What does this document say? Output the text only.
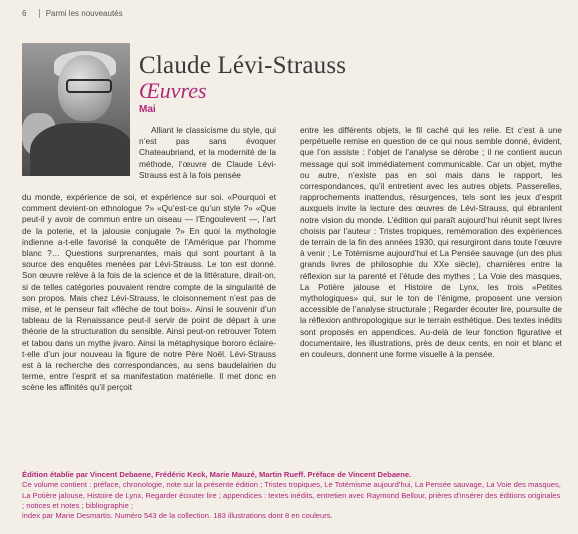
6 Parmi les nouveautés
Claude Lévi-Strauss
Œuvres
Mai

Alliant le classicisme du style, qui n’est pas sans évoquer Chateaubriand, et la modernité de la méthode, l’œuvre de Claude Lévi-Strauss est à la fois pensée

du monde, expérience de soi, et expérience sur soi. «Pourquoi et comment devient-on ethnologue ?» «Qu’est-ce qu’un style ?» «Que peut-il y avoir de commun entre un oiseau — l’Engoulevent —, l’art de la poterie, et la jalousie conjugale ?» En quoi la mythologie indienne a-t-elle favorisé la conquête de l’Amérique par l’homme blanc ?… Questions surprenantes, mais qui sont pourtant à la source des enquêtes menées par Lévi-Strauss. Le ton est donné. Son œuvre relève à la fois de la science et de la littérature, dirait-on, si de telles catégories pouvaient rendre compte de la singularité de son propos. Mais chez Lévi-Strauss, le cloisonnement n’est pas de mise, et le penseur fait «flèche de tout bois». Ainsi le souvenir d’un tableau de la Renaissance peut-il servir de point de départ à une théorie de la structuration du sensible. Ainsi peut-on retrouver Totem et tabou dans un mythe jivaro. Ainsi la métaphysique bororo éclaire-t-elle d’un jour nouveau la figure de notre Père Noël. Lévi-Strauss est à la recherche des correspondances, au sens baudelairien du terme, entre l’esprit et sa manifestation matérielle. Il met donc en scène les affinités qu’il perçoit

entre les différents objets, le fil caché qui les relie. Et c’est à une perpétuelle remise en question de ce qui nous semble donné, évident, que l’on assiste : l’objet de l’analyse se dérobe ; il ne contient aucun message qui soit immédiatement communicable. Car un objet, mythe ou autre, n’existe pas en soi mais dans le rapport, les correspondances, qu’il entretient avec les autres objets. Passerelles, rapprochements inattendus, résurgences, tels sont les jeux d’esprit auxquels invite la lecture des œuvres de Lévi-Strauss, qui ébranlent notre vision du monde. L’édition qui paraît aujourd’hui réunit sept livres choisis par l’auteur : Tristes tropiques, remémoration des expériences de terrain de la fin des années 1930, qui resurgiront dans toute l’œuvre à venir ; Le Totémisme aujourd’hui et La Pensée sauvage (un des plus grands livres de philosophie du XXe siècle), charnières entre la réflexion sur la parenté et l’étude des mythes ; La Voie des masques, La Potière jalouse et Histoire de Lynx, les trois «Petites mythologiques» qui, sur le ton de l’énigme, proposent une version accessible de l’analyse structurale ; Regarder écouter lire, poursuite de la réflexion anthropologique sur le terrain esthétique. Des textes inédits sont proposés en appendices. Au-delà de leur fonction figurative et documentaire, les illustrations, près de deux cents, en noir et blanc et en couleurs, donnent une forme visuelle à la pensée.

Édition établie par Vincent Debaene, Frédéric Keck, Marie Mauzé, Martin Rueff. Préface de Vincent Debaene.

Ce volume contient : préface, chronologie, note sur la présente édition ; Tristes tropiques, Le Totémisme aujourd’hui, La Pensée sauvage, La Voie des masques, La Potière jalouse, Histoire de Lynx, Regarder écouter lire ; appendices : textes inédits, entretien avec Raymond Bellour, prières d’insérer des éditions originales ; notices et notes ; bibliographie ;

index par Marie Desmartis. Numéro 543 de la collection. 183 illustrations dont 8 en couleurs.
